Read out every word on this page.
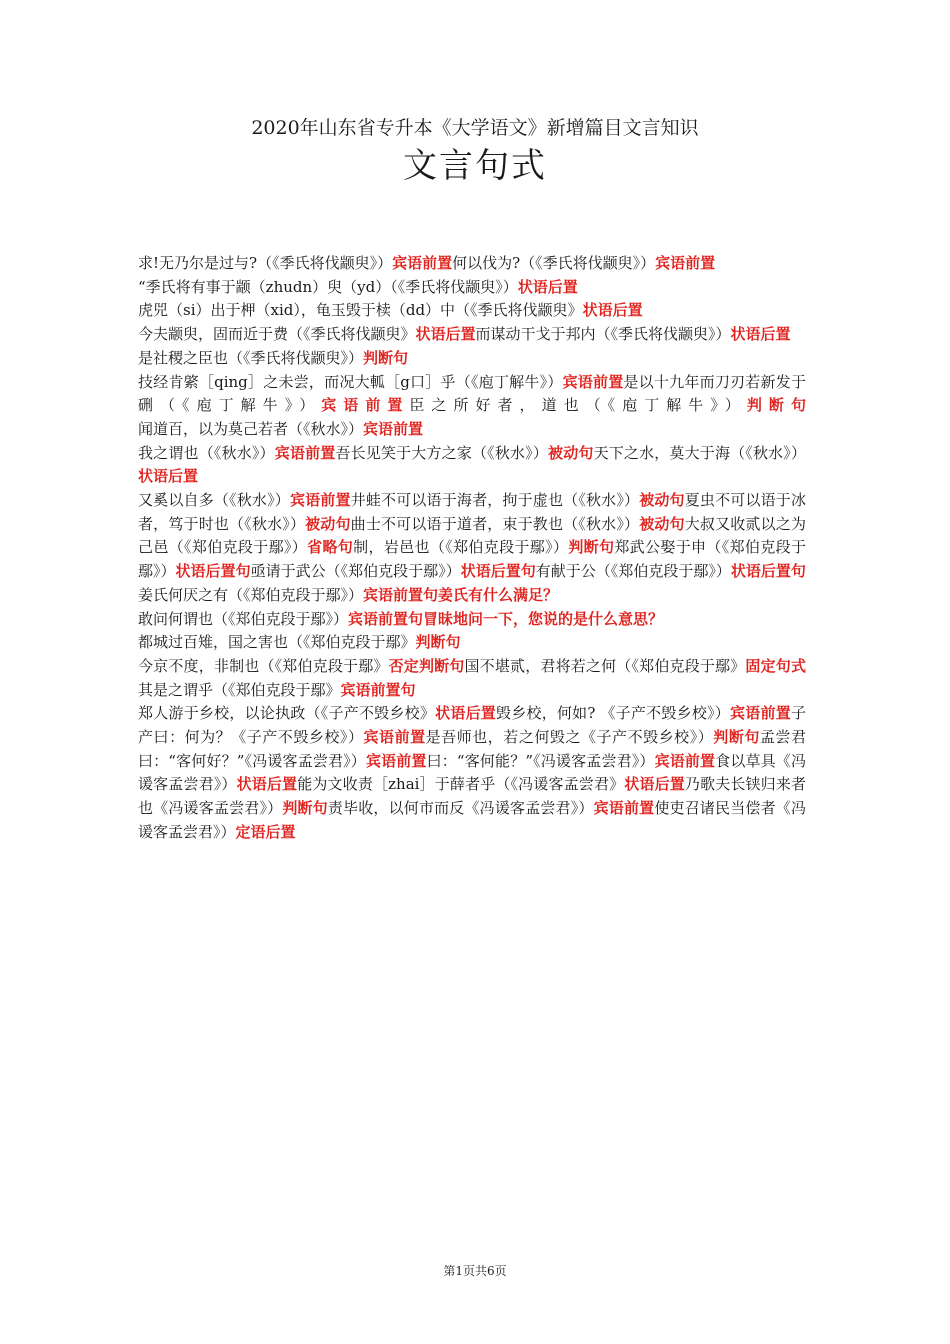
2020年山东省专升本《大学语文》新增篇目文言知识
文言句式

求!无乃尔是过与?（《季氏将伐颛臾》）宾语前置何以伐为?（《季氏将伐颛臾》）宾语前置

“季氏将有事于颛（zhudn）臾（yd）（《季氏将伐颛臾》）状语后置

虎兕（si）出于柙（xid），龟玉毁于椟（dd）中（《季氏将伐颛臾》状语后置

今夫颛臾，固而近于费（《季氏将伐颛臾》状语后置而谋动干戈于邦内（《季氏将伐颛臾》）状语后置

是社稷之臣也（《季氏将伐颛臾》）判断句

技经肯綮［qing］之未尝，而况大軱［g口］乎（《庖丁解牛》）宾语前置是以十九年而刀刃若新发于硎（《庖丁解牛》）宾语前置臣之所好者，道也（《庖丁解牛》）判断句闻道百，以为莫己若者（《秋水》）宾语前置

我之谓也（《秋水》）宾语前置吾长见笑于大方之家（《秋水》）被动句天下之水，莫大于海（《秋水》）状语后置

又奚以自多（《秋水》）宾语前置井蛙不可以语于海者，拘于虚也（《秋水》）被动句夏虫不可以语于冰者，笃于时也（《秋水》）被动句曲士不可以语于道者，束于教也（《秋水》）被动句大叔又收贰以之为己邑（《郑伯克段于鄢》）省略句制，岩邑也（《郑伯克段于鄢》）判断句郑武公娶于申（《郑伯克段于鄢》）状语后置句亟请于武公（《郑伯克段于鄢》）状语后置句有献于公（《郑伯克段于鄢》）状语后置句姜氏何厌之有（《郑伯克段于鄢》）宾语前置句姜氏有什么满足？

敢问何谓也（《郑伯克段于鄢》）宾语前置句冒昧地问一下，您说的是什么意思？

都城过百雉，国之害也（《郑伯克段于鄢》判断句

今京不度，非制也（《郑伯克段于鄢》否定判断句国不堪贰，君将若之何（《郑伯克段于鄢》固定句式其是之谓乎（《郑伯克段于鄢》宾语前置句

郑人游于乡校，以论执政（《子产不毁乡校》状语后置毁乡校，何如? 《子产不毁乡校》）宾语前置子产曰：何为？《子产不毁乡校》）宾语前置是吾师也，若之何毁之《子产不毁乡校》）判断句孟尝君曰：“客何好？”《冯谖客孟尝君》）宾语前置曰：“客何能？”《冯谖客孟尝君》）宾语前置食以草具《冯谖客孟尝君》）状语后置能为文收责［zhai］于薛者乎（《冯谖客孟尝君》状语后置乃歌夫长铗归来者也《冯谖客孟尝君》）判断句责毕收，以何市而反《冯谖客孟尝君》）宾语前置使吏召诸民当偿者《冯谖客孟尝君》）定语后置

第1页共6页
